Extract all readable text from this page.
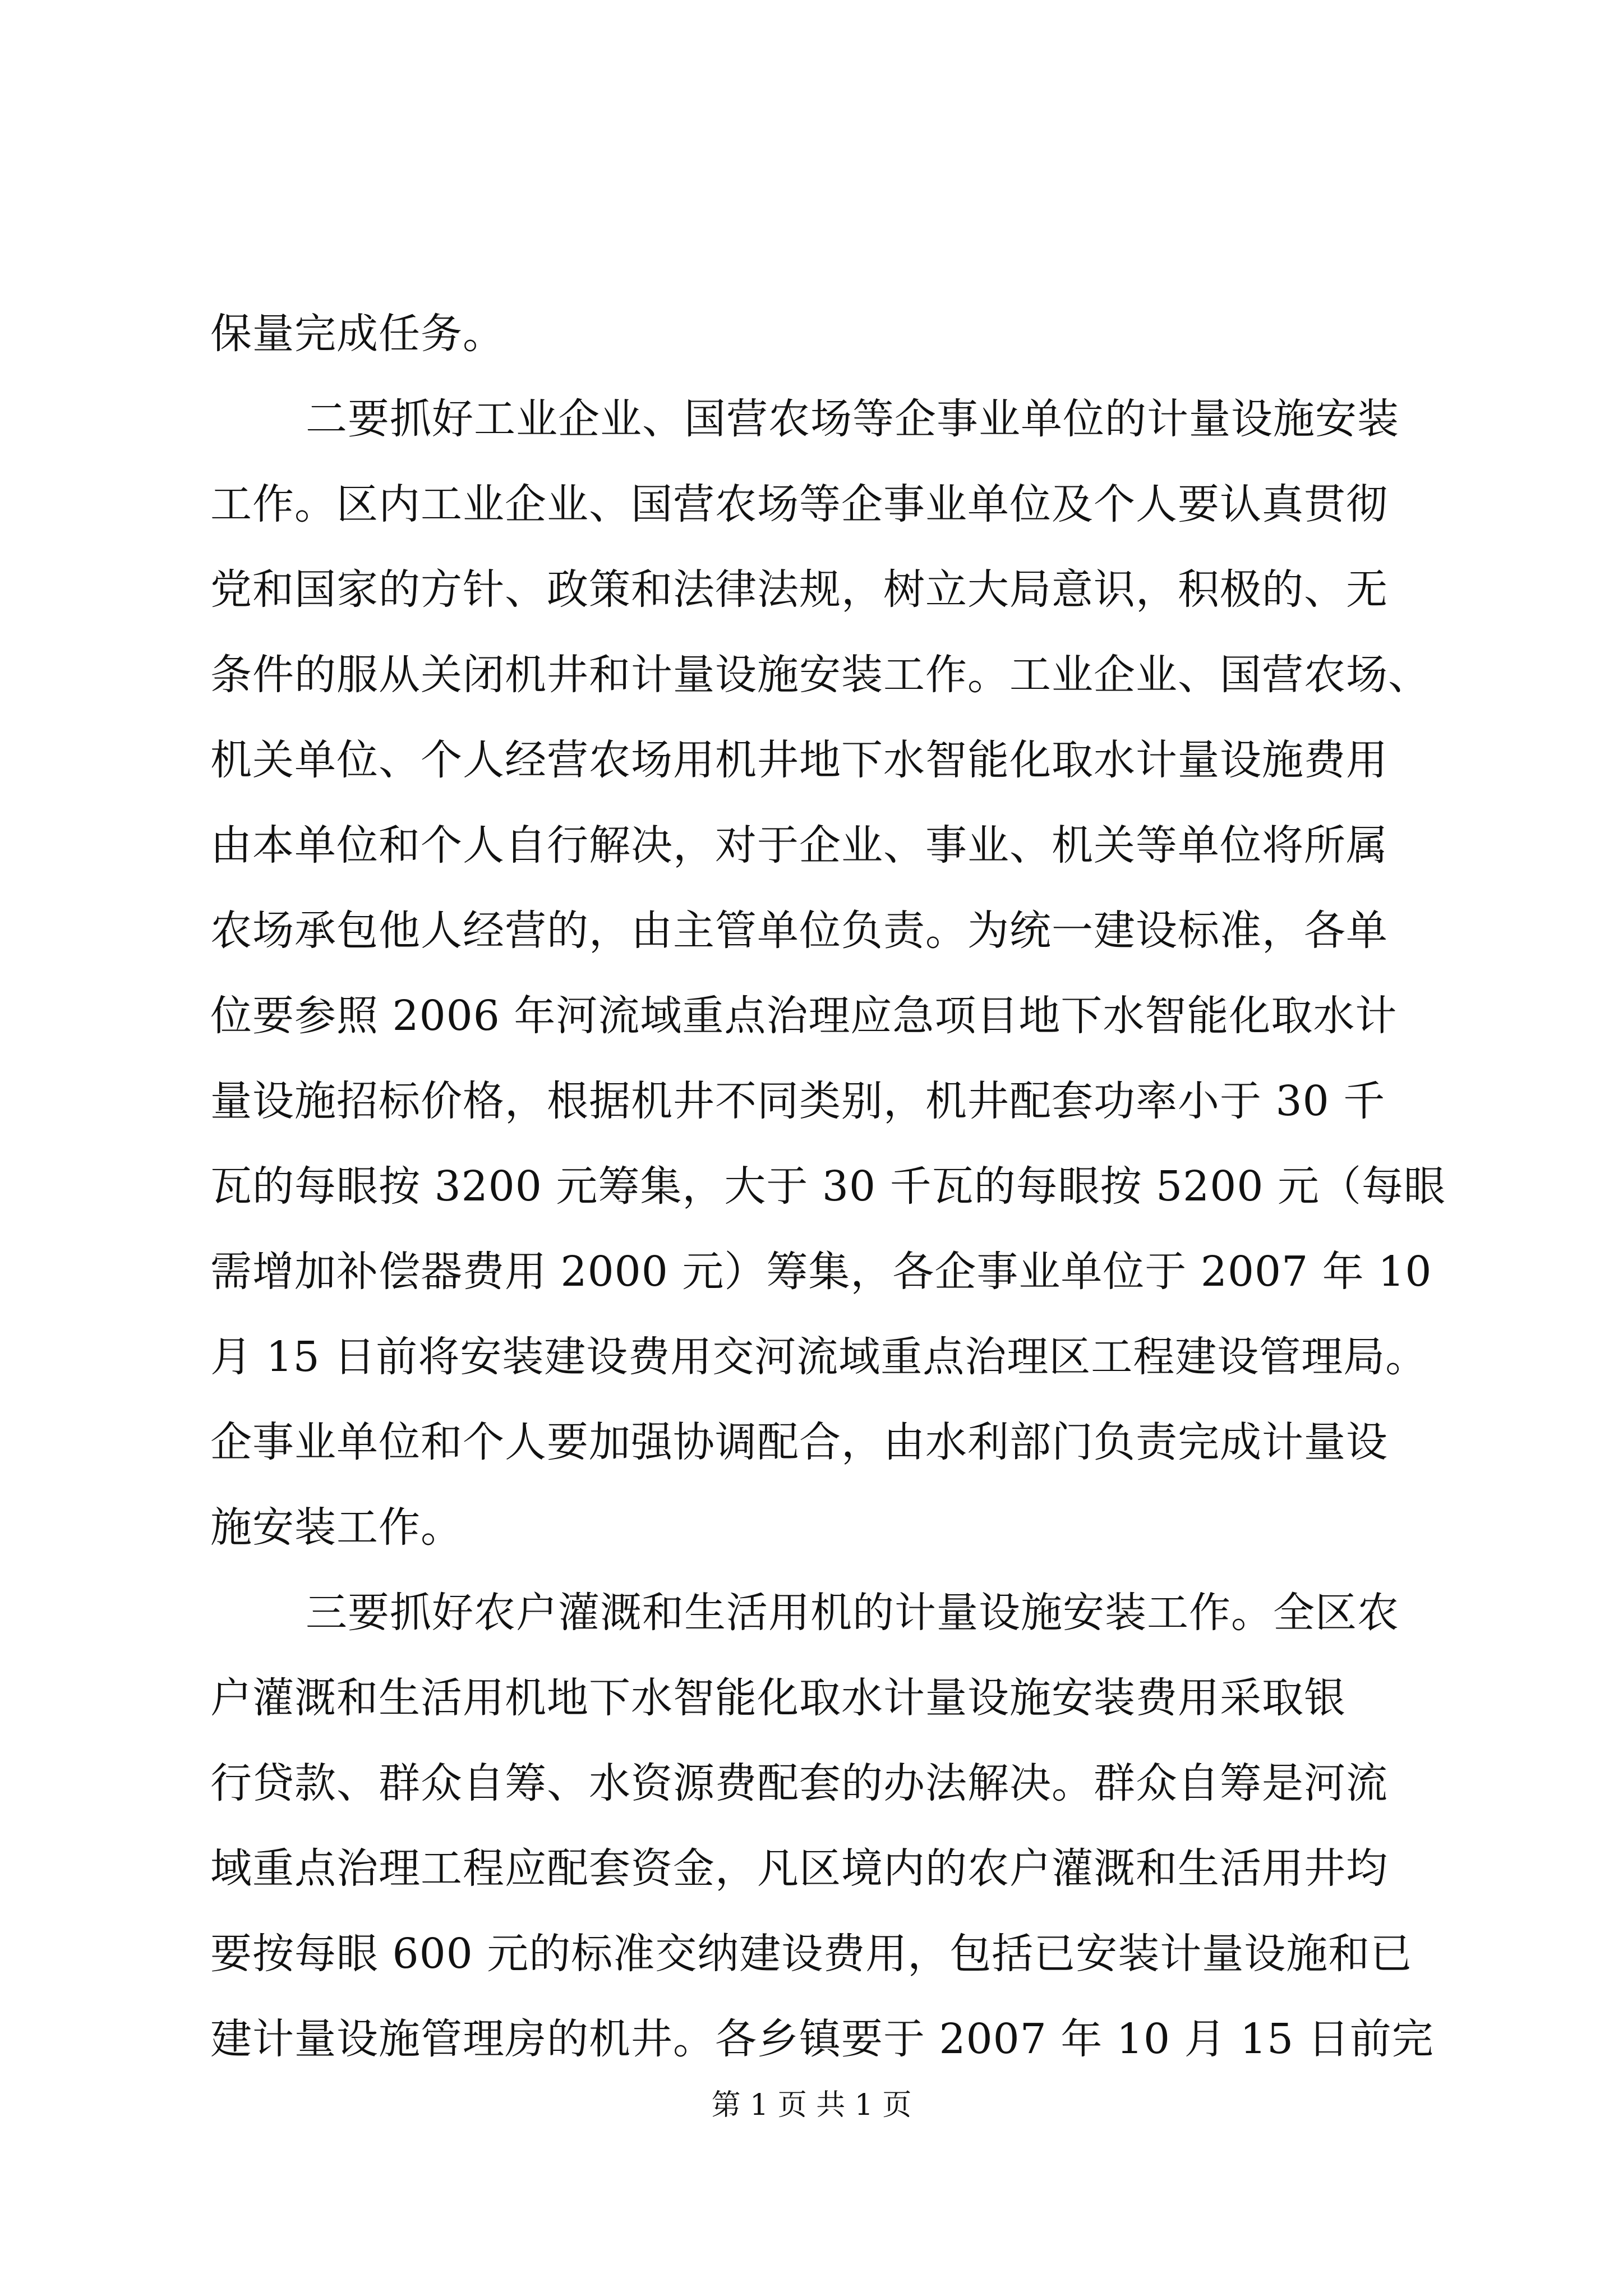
保量完成任务。
二要抓好工业企业、国营农场等企事业单位的计量设施安装
工作。区内工业企业、国营农场等企事业单位及个人要认真贯彻
党和国家的方针、政策和法律法规，树立大局意识，积极的、无
条件的服从关闭机井和计量设施安装工作。工业企业、国营农场、
机关单位、个人经营农场用机井地下水智能化取水计量设施费用
由本单位和个人自行解决，对于企业、事业、机关等单位将所属
农场承包他人经营的，由主管单位负责。为统一建设标准，各单
位要参照 2006 年河流域重点治理应急项目地下水智能化取水计
量设施招标价格，根据机井不同类别，机井配套功率小于 30 千
瓦的每眼按 3200 元筹集，大于 30 千瓦的每眼按 5200 元（每眼
需增加补偿器费用 2000 元）筹集，各企事业单位于 2007 年 10
月 15 日前将安装建设费用交河流域重点治理区工程建设管理局。
企事业单位和个人要加强协调配合，由水利部门负责完成计量设
施安装工作。
三要抓好农户灌溉和生活用机的计量设施安装工作。全区农
户灌溉和生活用机地下水智能化取水计量设施安装费用采取银
行贷款、群众自筹、水资源费配套的办法解决。群众自筹是河流
域重点治理工程应配套资金，凡区境内的农户灌溉和生活用井均
要按每眼 600 元的标准交纳建设费用，包括已安装计量设施和已
建计量设施管理房的机井。各乡镇要于 2007 年 10 月 15 日前完
第 1 页 共 1 页
